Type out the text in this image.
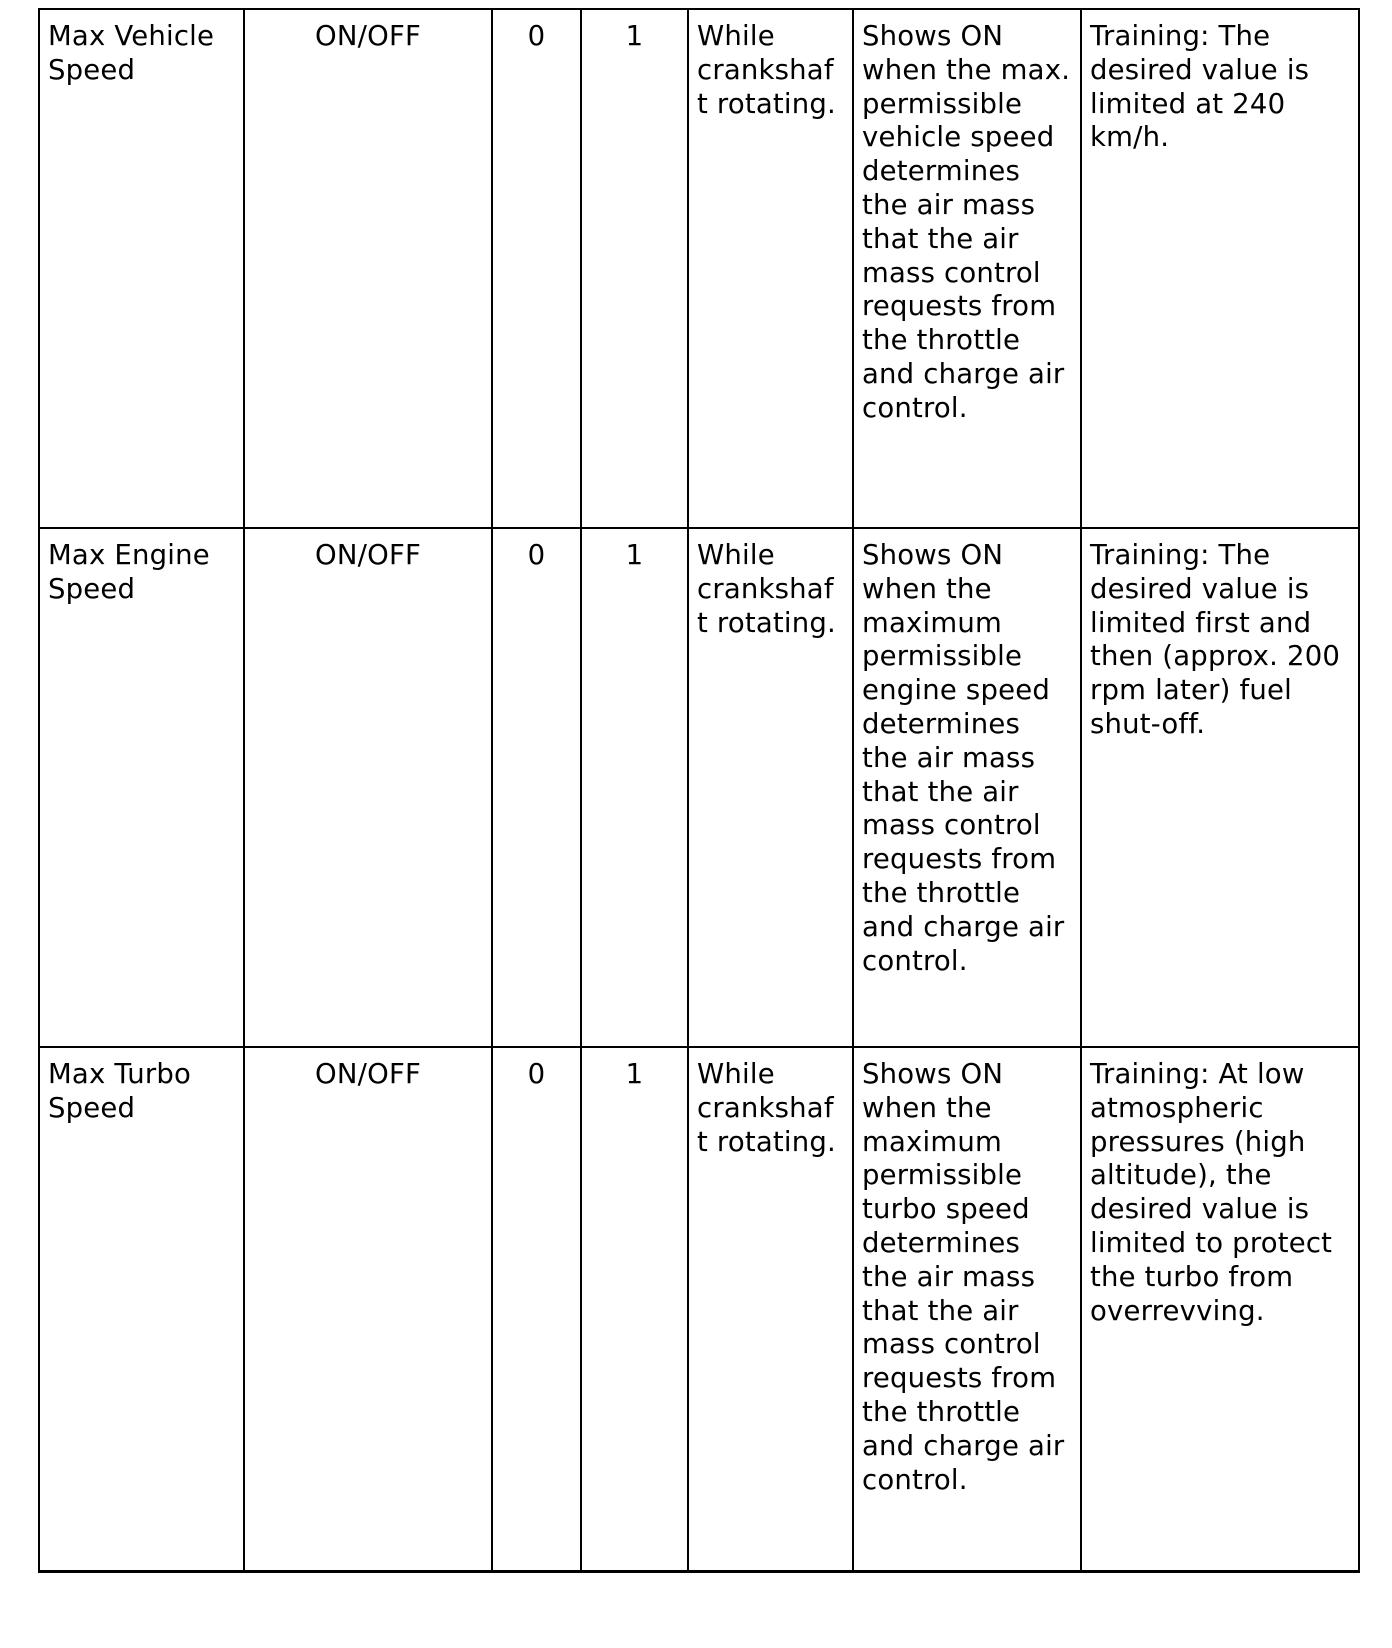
Max Vehicle
Speed	ON/OFF	0	1	While crankshaft rotating.	Shows ON when the max. permissible vehicle speed determines the air mass that the air mass control requests from the throttle and charge air control.	Training: The desired value is limited at 240 km/h.
Max Engine
Speed	ON/OFF	0	1	While crankshaft rotating.	Shows ON when the maximum permissible engine speed determines the air mass that the air mass control requests from the throttle and charge air control.	Training: The desired value is limited first and then (approx. 200 rpm later) fuel shut-off.
Max Turbo
Speed	ON/OFF	0	1	While crankshaft rotating.	Shows ON when the maximum permissible turbo speed determines the air mass that the air mass control requests from the throttle and charge air control.	Training: At low atmospheric pressures (high altitude), the desired value is limited to protect the turbo from overrevving.
